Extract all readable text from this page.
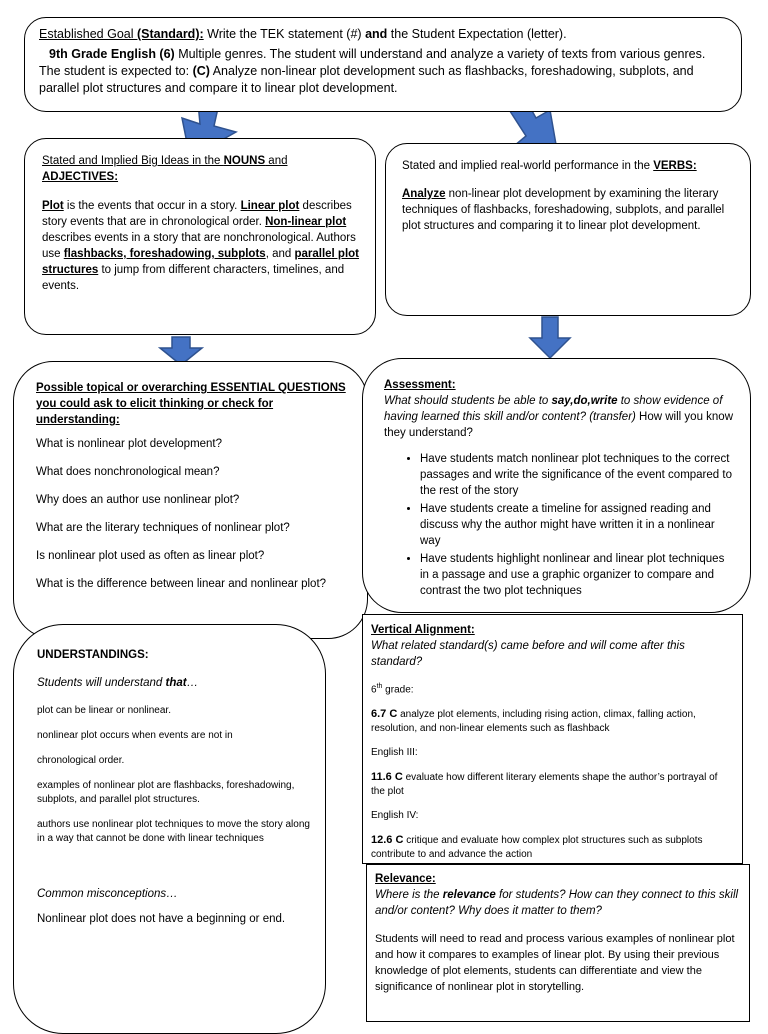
Established Goal (Standard): Write the TEK statement (#) and the Student Expectation (letter).

9th Grade English (6) Multiple genres. The student will understand and analyze a variety of texts from various genres. The student is expected to: (C) Analyze non-linear plot development such as flashbacks, foreshadowing, subplots, and parallel plot structures and compare it to linear plot development.

Stated and Implied Big Ideas in the NOUNS and
ADJECTIVES:

Plot is the events that occur in a story. Linear plot describes story events that are in chronological order. Non-linear plot describes events in a story that are nonchronological. Authors use flashbacks, foreshadowing, subplots, and parallel plot structures to jump from different characters, timelines, and events.

Stated and implied real-world performance in the VERBS:

Analyze non-linear plot development by examining the literary techniques of flashbacks, foreshadowing, subplots, and parallel plot structures and comparing it to linear plot development.

Possible topical or overarching ESSENTIAL QUESTIONS you could ask to elicit thinking or check for understanding:

What is nonlinear plot development?

What does nonchronological mean?

Why does an author use nonlinear plot?

What are the literary techniques of nonlinear plot?

Is nonlinear plot used as often as linear plot?

What is the difference between linear and nonlinear plot?

Assessment:

What should students be able to say,do,write to show evidence of having learned this skill and/or content? (transfer) How will you know they understand?

• Have students match nonlinear plot techniques to the correct passages and write the significance of the event compared to the rest of the story
• Have students create a timeline for assigned reading and discuss why the author might have written it in a nonlinear way
• Have students highlight nonlinear and linear plot techniques in a passage and use a graphic organizer to compare and contrast the two plot techniques

UNDERSTANDINGS:

Students will understand that…

plot can be linear or nonlinear.

nonlinear plot occurs when events are not in

chronological order.

examples of nonlinear plot are flashbacks, foreshadowing, subplots, and parallel plot structures.

authors use nonlinear plot techniques to move the story along in a way that cannot be done with linear techniques

Common misconceptions…

Nonlinear plot does not have a beginning or end.

Vertical Alignment:

What related standard(s) came before and will come after this standard?

6th grade:

6.7 C analyze plot elements, including rising action, climax, falling action, resolution, and non-linear elements such as flashback

English III:

11.6 C evaluate how different literary elements shape the author’s portrayal of the plot

English IV:

12.6 C critique and evaluate how complex plot structures such as subplots contribute to and advance the action

Relevance:

Where is the relevance for students? How can they connect to this skill and/or content? Why does it matter to them?

Students will need to read and process various examples of nonlinear plot and how it compares to examples of linear plot. By using their previous knowledge of plot elements, students can differentiate and view the significance of nonlinear plot in storytelling.
